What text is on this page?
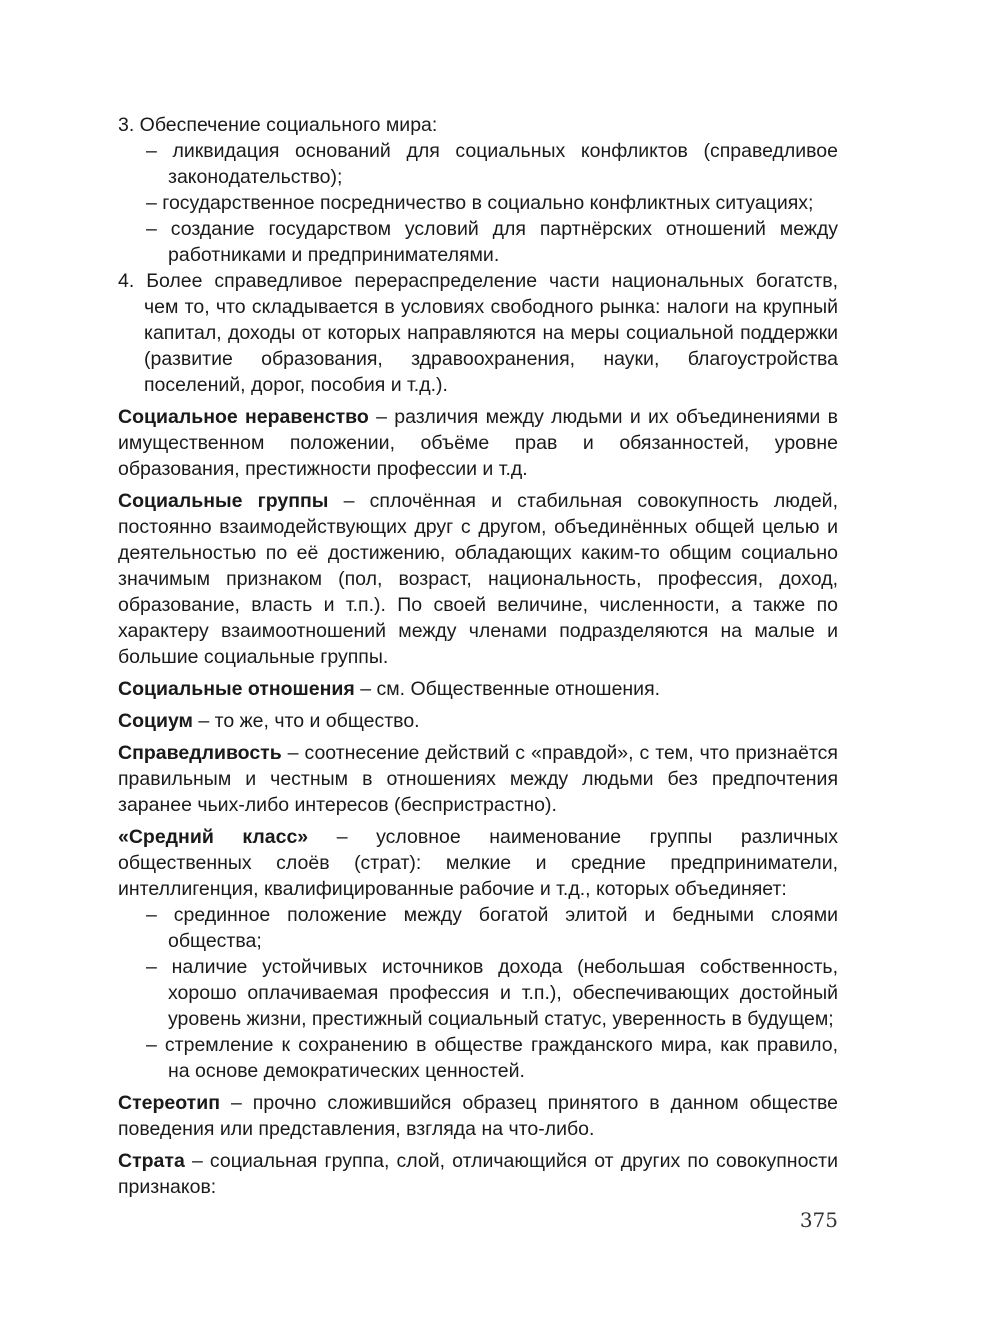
3. Обеспечение социального мира:

– ликвидация оснований для социальных конфликтов (справедливое законодательство);

– государственное посредничество в социально конфликтных ситуациях;

– создание государством условий для партнёрских отношений между работниками и предпринимателями.

4. Более справедливое перераспределение части национальных богатств, чем то, что складывается в условиях свободного рынка: налоги на крупный капитал, доходы от которых направляются на меры социальной поддержки (развитие образования, здравоохранения, науки, благоустройства поселений, дорог, пособия и т.д.).

Социальное неравенство – различия между людьми и их объединениями в имущественном положении, объёме прав и обязанностей, уровне образования, престижности профессии и т.д.

Социальные группы – сплочённая и стабильная совокупность людей, постоянно взаимодействующих друг с другом, объединённых общей целью и деятельностью по её достижению, обладающих каким-то общим социально значимым признаком (пол, возраст, национальность, профессия, доход, образование, власть и т.п.). По своей величине, численности, а также по характеру взаимоотношений между членами подразделяются на малые и большие социальные группы.

Социальные отношения – см. Общественные отношения.

Социум – то же, что и общество.

Справедливость – соотнесение действий с «правдой», с тем, что признаётся правильным и честным в отношениях между людьми без предпочтения заранее чьих-либо интересов (беспристрастно).

«Средний класс» – условное наименование группы различных общественных слоёв (страт): мелкие и средние предприниматели, интеллигенция, квалифицированные рабочие и т.д., которых объединяет:

– срединное положение между богатой элитой и бедными слоями общества;

– наличие устойчивых источников дохода (небольшая собственность, хорошо оплачиваемая профессия и т.п.), обеспечивающих достойный уровень жизни, престижный социальный статус, уверенность в будущем;

– стремление к сохранению в обществе гражданского мира, как правило, на основе демократических ценностей.

Стереотип – прочно сложившийся образец принятого в данном обществе поведения или представления, взгляда на что-либо.

Страта – социальная группа, слой, отличающийся от других по совокупности признаков:

375
